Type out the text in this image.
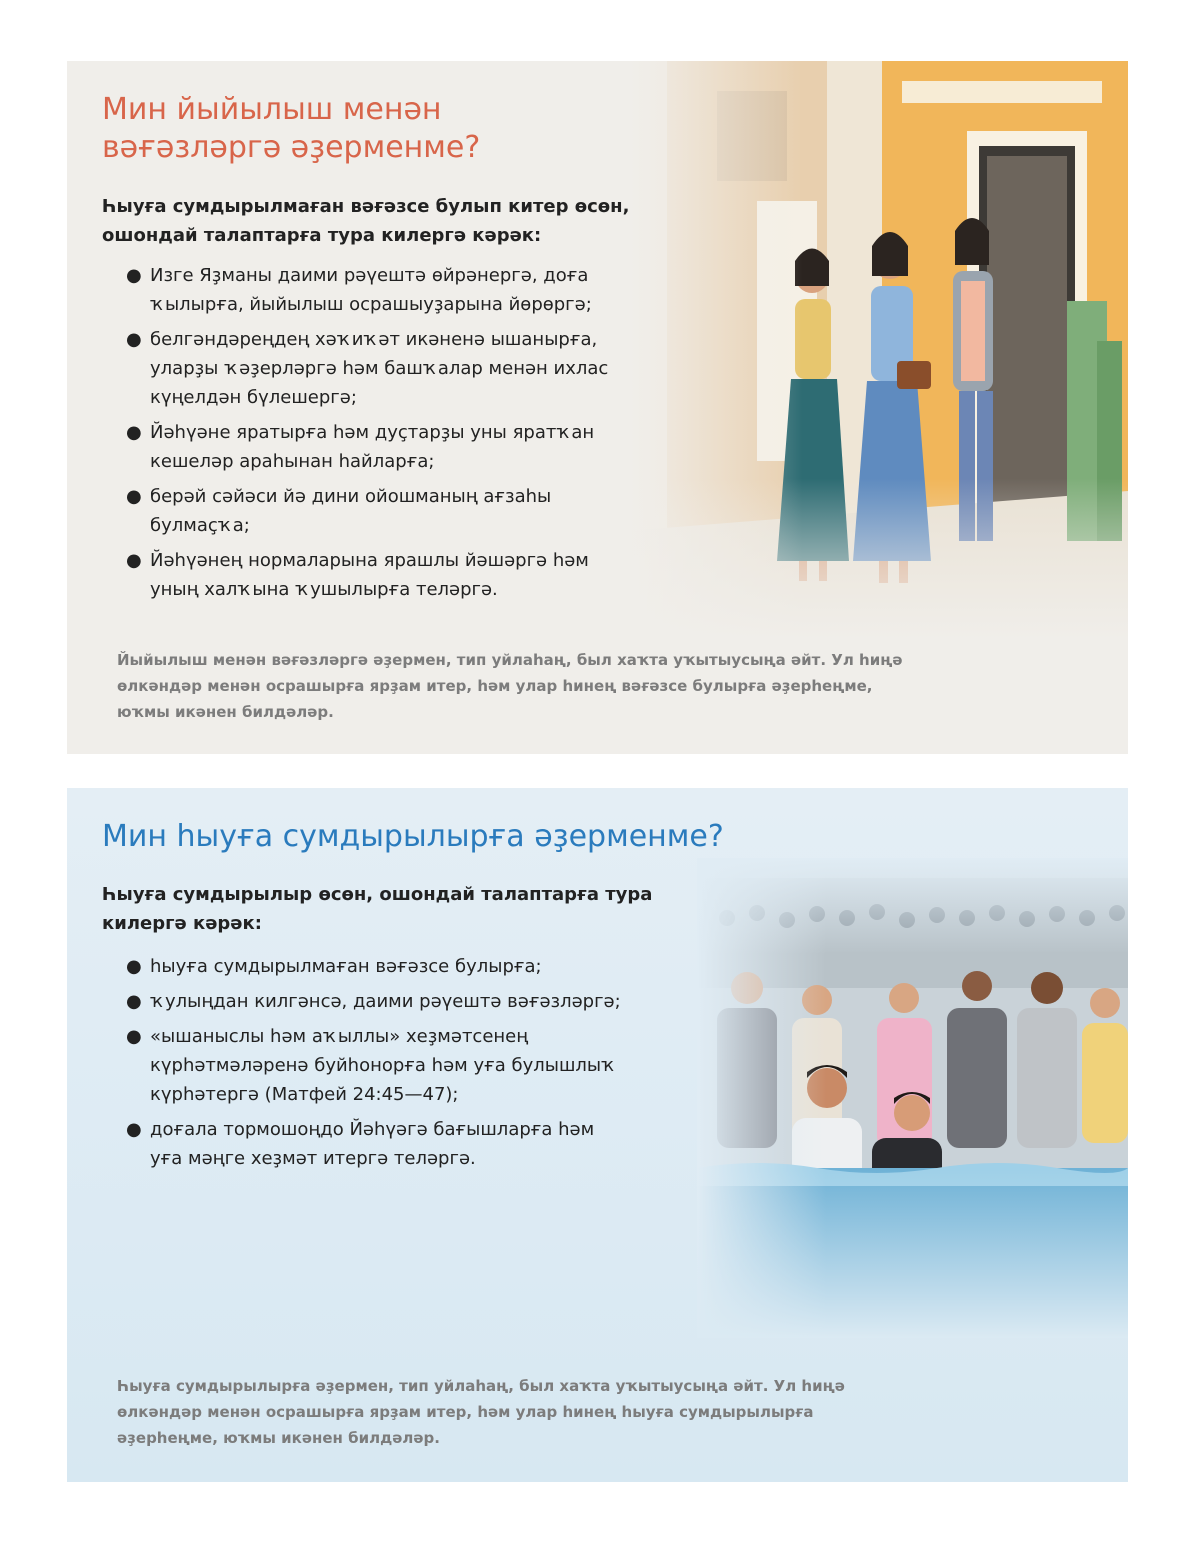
Мин йыйылыш менән вәғәзләргә әҙерменме?

Һыуға сумдырылмаған вәғәзсе булып китер өсөн, ошондай талаптарға тура килергә кәрәк:

● Изге Яҙманы даими рәүештә өйрәнергә, доға ҡылырға, йыйылыш осрашыуҙарына йөрөргә;
● белгәндәреңдең хәҡиҡәт икәненә ышанырға, уларҙы ҡәҙерләргә һәм башҡалар менән ихлас күңелдән бүлешергә;
● Йәһүәне яратырға һәм дуҫтарҙы уны яратҡан кешеләр араһынан һайларға;
● берәй сәйәси йә дини ойошманың ағзаһы булмаҫҡа;
● Йәһүәнең нормаларына ярашлы йәшәргә һәм уның халҡына ҡушылырға теләргә.

Йыйылыш менән вәғәзләргә әҙермен, тип уйлаһаң, был хаҡта уҡытыусыңа әйт. Ул һиңә өлкәндәр менән осрашырға ярҙам итер, һәм улар һинең вәғәзсе булырға әҙерһеңме, юҡмы икәнен билдәләр.

Мин һыуға сумдырылырға әҙерменме?

Һыуға сумдырылыр өсөн, ошондай талаптарға тура килергә кәрәк:

● һыуға сумдырылмаған вәғәзсе булырға;
● ҡулыңдан килгәнсә, даими рәүештә вәғәзләргә;
● «ышаныслы һәм аҡыллы» хеҙмәтсенең күрһәтмәләренә буйһонорға һәм уға булышлыҡ күрһәтергә (Матфей 24:45—47);
● доғала тормошоңдо Йәһүәгә бағышларға һәм уға мәңге хеҙмәт итергә теләргә.

Һыуға сумдырылырға әҙермен, тип уйлаһаң, был хаҡта уҡытыусыңа әйт. Ул һиңә өлкәндәр менән осрашырға ярҙам итер, һәм улар һинең һыуға сумдырылырға әҙерһеңме, юҡмы икәнен билдәләр.
